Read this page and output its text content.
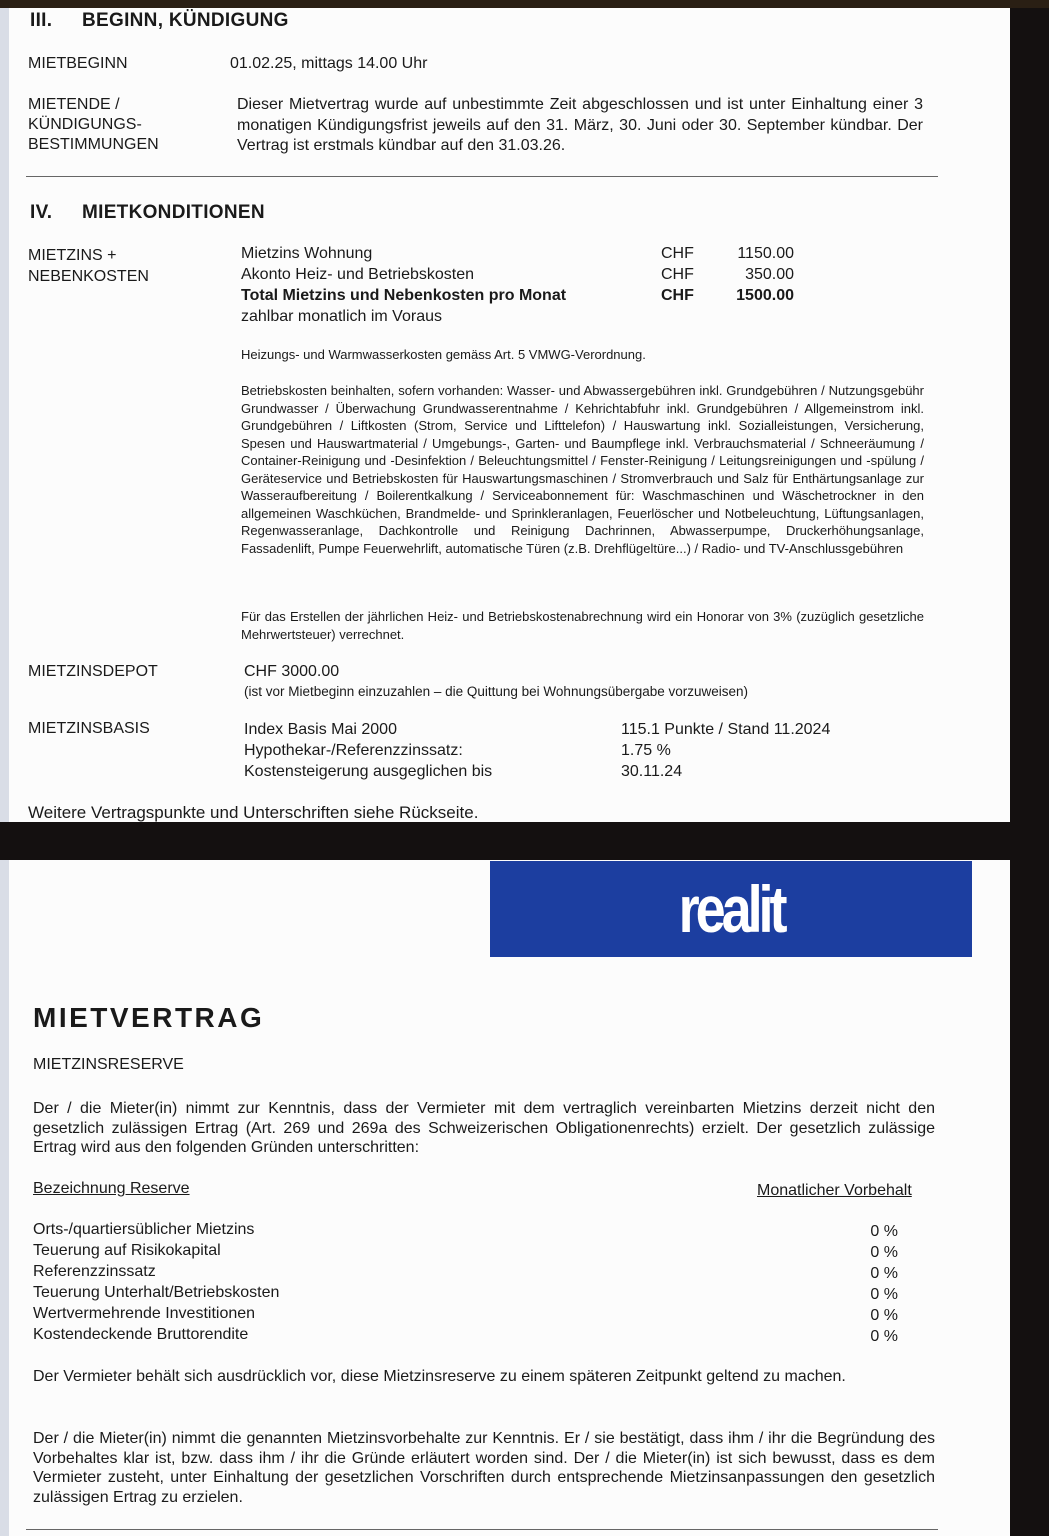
III. BEGINN, KÜNDIGUNG
MIETBEGINN	01.02.25, mittags 14.00 Uhr
MIETENDE /
KÜNDIGUNGS-
BESTIMMUNGEN
Dieser Mietvertrag wurde auf unbestimmte Zeit abgeschlossen und ist unter Einhaltung einer 3 monatigen Kündigungsfrist jeweils auf den 31. März, 30. Juni oder 30. September kündbar. Der Vertrag ist erstmals kündbar auf den 31.03.26.
IV. MIETKONDITIONEN
MIETZINS +
NEBENKOSTEN
Mietzins Wohnung	CHF	1150.00
Akonto Heiz- und Betriebskosten	CHF	350.00
Total Mietzins und Nebenkosten pro Monat	CHF	1500.00
zahlbar monatlich im Voraus
Heizungs- und Warmwasserkosten gemäss Art. 5 VMWG-Verordnung.
Betriebskosten beinhalten, sofern vorhanden: Wasser- und Abwassergebühren inkl. Grundgebühren / Nutzungsgebühr Grundwasser / Überwachung Grundwasserentnahme / Kehrichtabfuhr inkl. Grundgebühren / Allgemeinstrom inkl. Grundgebühren / Liftkosten (Strom, Service und Lifttelefon) / Hauswartung inkl. Sozialleistungen, Versicherung, Spesen und Hauswartmaterial / Umgebungs-, Garten- und Baumpflege inkl. Verbrauchsmaterial / Schneeräumung / Container-Reinigung und -Desinfektion / Beleuchtungsmittel / Fenster-Reinigung / Leitungsreinigungen und -spülung / Geräteservice und Betriebskosten für Hauswartungsmaschinen / Stromverbrauch und Salz für Enthärtungsanlage zur Wasseraufbereitung / Boilerentkalkung / Serviceabonnement für: Waschmaschinen und Wäschetrockner in den allgemeinen Waschküchen, Brandmelde- und Sprinkleranlagen, Feuerlöscher und Notbeleuchtung, Lüftungsanlagen, Regenwasseranlage, Dachkontrolle und Reinigung Dachrinnen, Abwasserpumpe, Druckerhöhungsanlage, Fassadenlift, Pumpe Feuerwehrlift, automatische Türen (z.B. Drehflügeltüre...) / Radio- und TV-Anschlussgebühren
Für das Erstellen der jährlichen Heiz- und Betriebskostenabrechnung wird ein Honorar von 3% (zuzüglich gesetzliche Mehrwertsteuer) verrechnet.
MIETZINSDEPOT	CHF 3000.00
(ist vor Mietbeginn einzuzahlen – die Quittung bei Wohnungsübergabe vorzuweisen)
MIETZINSBASIS	Index Basis Mai 2000	115.1 Punkte / Stand 11.2024
Hypothekar-/Referenzzinssatz:	1.75 %
Kostensteigerung ausgeglichen bis	30.11.24
Weitere Vertragspunkte und Unterschriften siehe Rückseite.
realit
MIETVERTRAG
MIETZINSRESERVE
Der / die Mieter(in) nimmt zur Kenntnis, dass der Vermieter mit dem vertraglich vereinbarten Mietzins derzeit nicht den gesetzlich zulässigen Ertrag (Art. 269 und 269a des Schweizerischen Obligationenrechts) erzielt. Der gesetzlich zulässige Ertrag wird aus den folgenden Gründen unterschritten:
Bezeichnung Reserve	Monatlicher Vorbehalt
Orts-/quartiersüblicher Mietzins	0 %
Teuerung auf Risikokapital	0 %
Referenzzinssatz	0 %
Teuerung Unterhalt/Betriebskosten	0 %
Wertvermehrende Investitionen	0 %
Kostendeckende Bruttorendite	0 %
Der Vermieter behält sich ausdrücklich vor, diese Mietzinsreserve zu einem späteren Zeitpunkt geltend zu machen.
Der / die Mieter(in) nimmt die genannten Mietzinsvorbehalte zur Kenntnis. Er / sie bestätigt, dass ihm / ihr die Begründung des Vorbehaltes klar ist, bzw. dass ihm / ihr die Gründe erläutert worden sind. Der / die Mieter(in) ist sich bewusst, dass es dem Vermieter zusteht, unter Einhaltung der gesetzlichen Vorschriften durch entsprechende Mietzinsanpassungen den gesetzlich zulässigen Ertrag zu erzielen.
